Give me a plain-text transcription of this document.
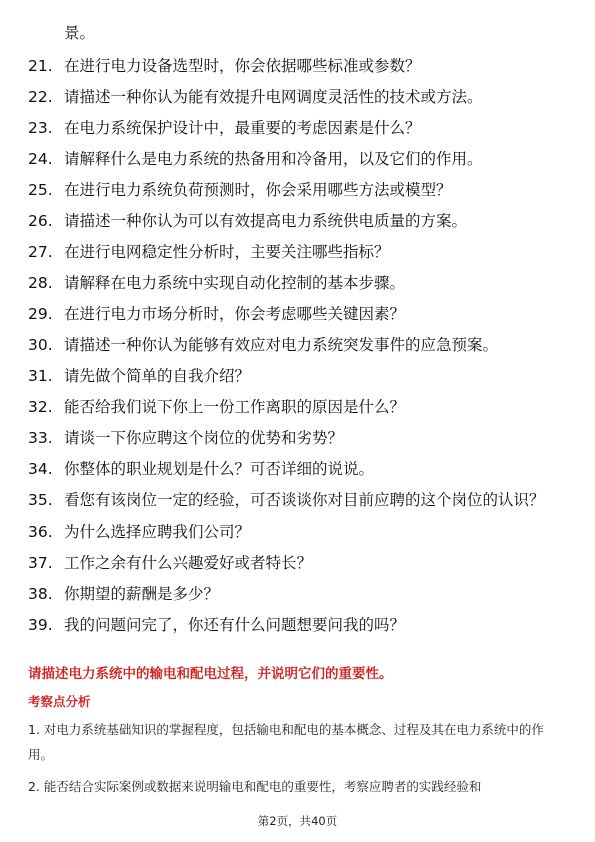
景。
21. 在进行电力设备选型时，你会依据哪些标准或参数？
22. 请描述一种你认为能有效提升电网调度灵活性的技术或方法。
23. 在电力系统保护设计中，最重要的考虑因素是什么？
24. 请解释什么是电力系统的热备用和冷备用，以及它们的作用。
25. 在进行电力系统负荷预测时，你会采用哪些方法或模型？
26. 请描述一种你认为可以有效提高电力系统供电质量的方案。
27. 在进行电网稳定性分析时，主要关注哪些指标？
28. 请解释在电力系统中实现自动化控制的基本步骤。
29. 在进行电力市场分析时，你会考虑哪些关键因素？
30. 请描述一种你认为能够有效应对电力系统突发事件的应急预案。
31. 请先做个简单的自我介绍？
32. 能否给我们说下你上一份工作离职的原因是什么？
33. 请谈一下你应聘这个岗位的优势和劣势？
34. 你整体的职业规划是什么？可否详细的说说。
35. 看您有该岗位一定的经验，可否谈谈你对目前应聘的这个岗位的认识？
36. 为什么选择应聘我们公司？
37. 工作之余有什么兴趣爱好或者特长？
38. 你期望的薪酬是多少？
39. 我的问题问完了，你还有什么问题想要问我的吗？
请描述电力系统中的输电和配电过程，并说明它们的重要性。
考察点分析
1. 对电力系统基础知识的掌握程度，包括输电和配电的基本概念、过程及其在电力系统中的作用。
2. 能否结合实际案例或数据来说明输电和配电的重要性，考察应聘者的实践经验和
第2页，共40页
